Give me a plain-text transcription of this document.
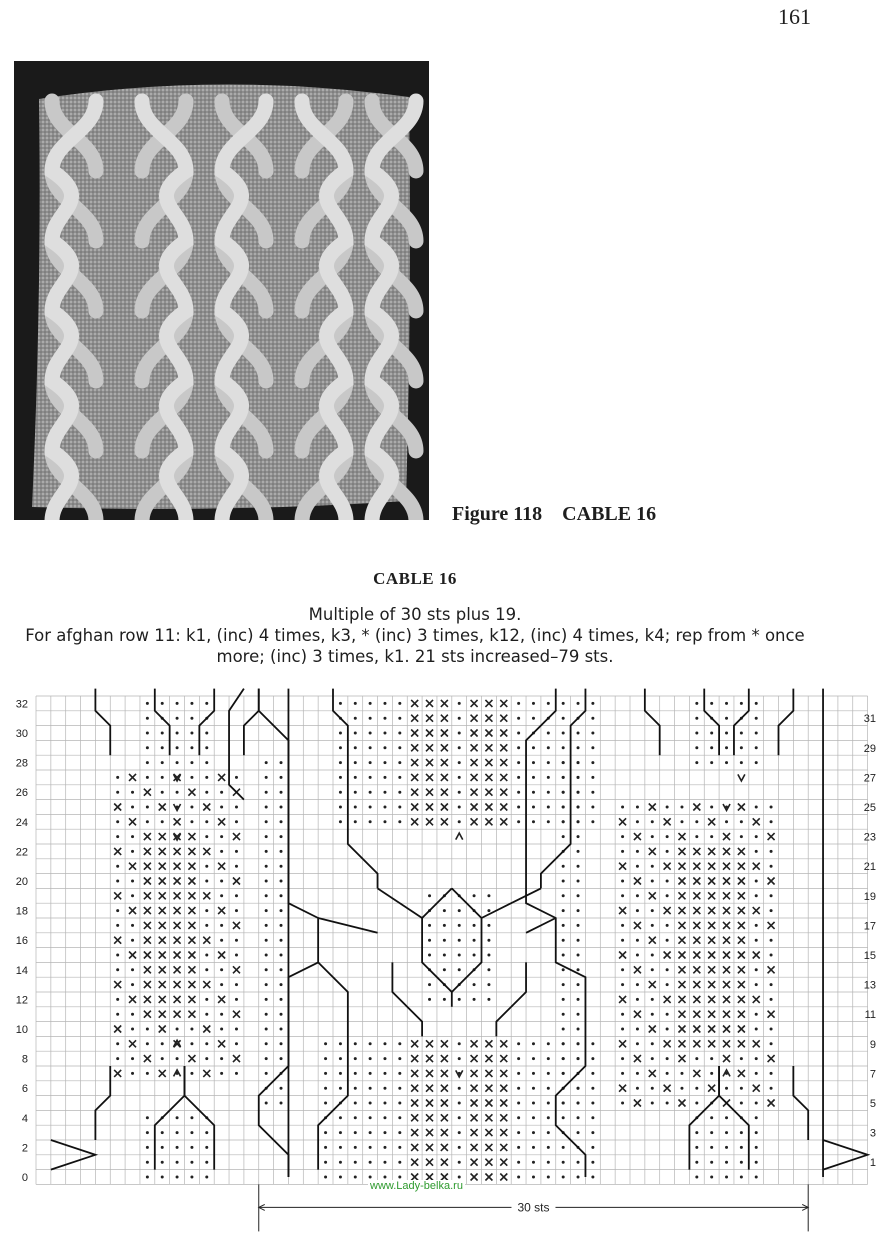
161
Figure 118    CABLE 16
CABLE 16
Multiple of 30 sts plus 19.
For afghan row 11: k1, (inc) 4 times, k3, * (inc) 3 times, k12, (inc) 4 times, k4; rep from * once
more; (inc) 3 times, k1. 21 sts increased–79 sts.
32
30
28
26
24
22
20
18
16
14
12
10
8
6
4
2
0
31
29
27
25
23
21
19
17
15
13
11
9
7
5
3
1
30 sts
www.Lady-belka.ru
